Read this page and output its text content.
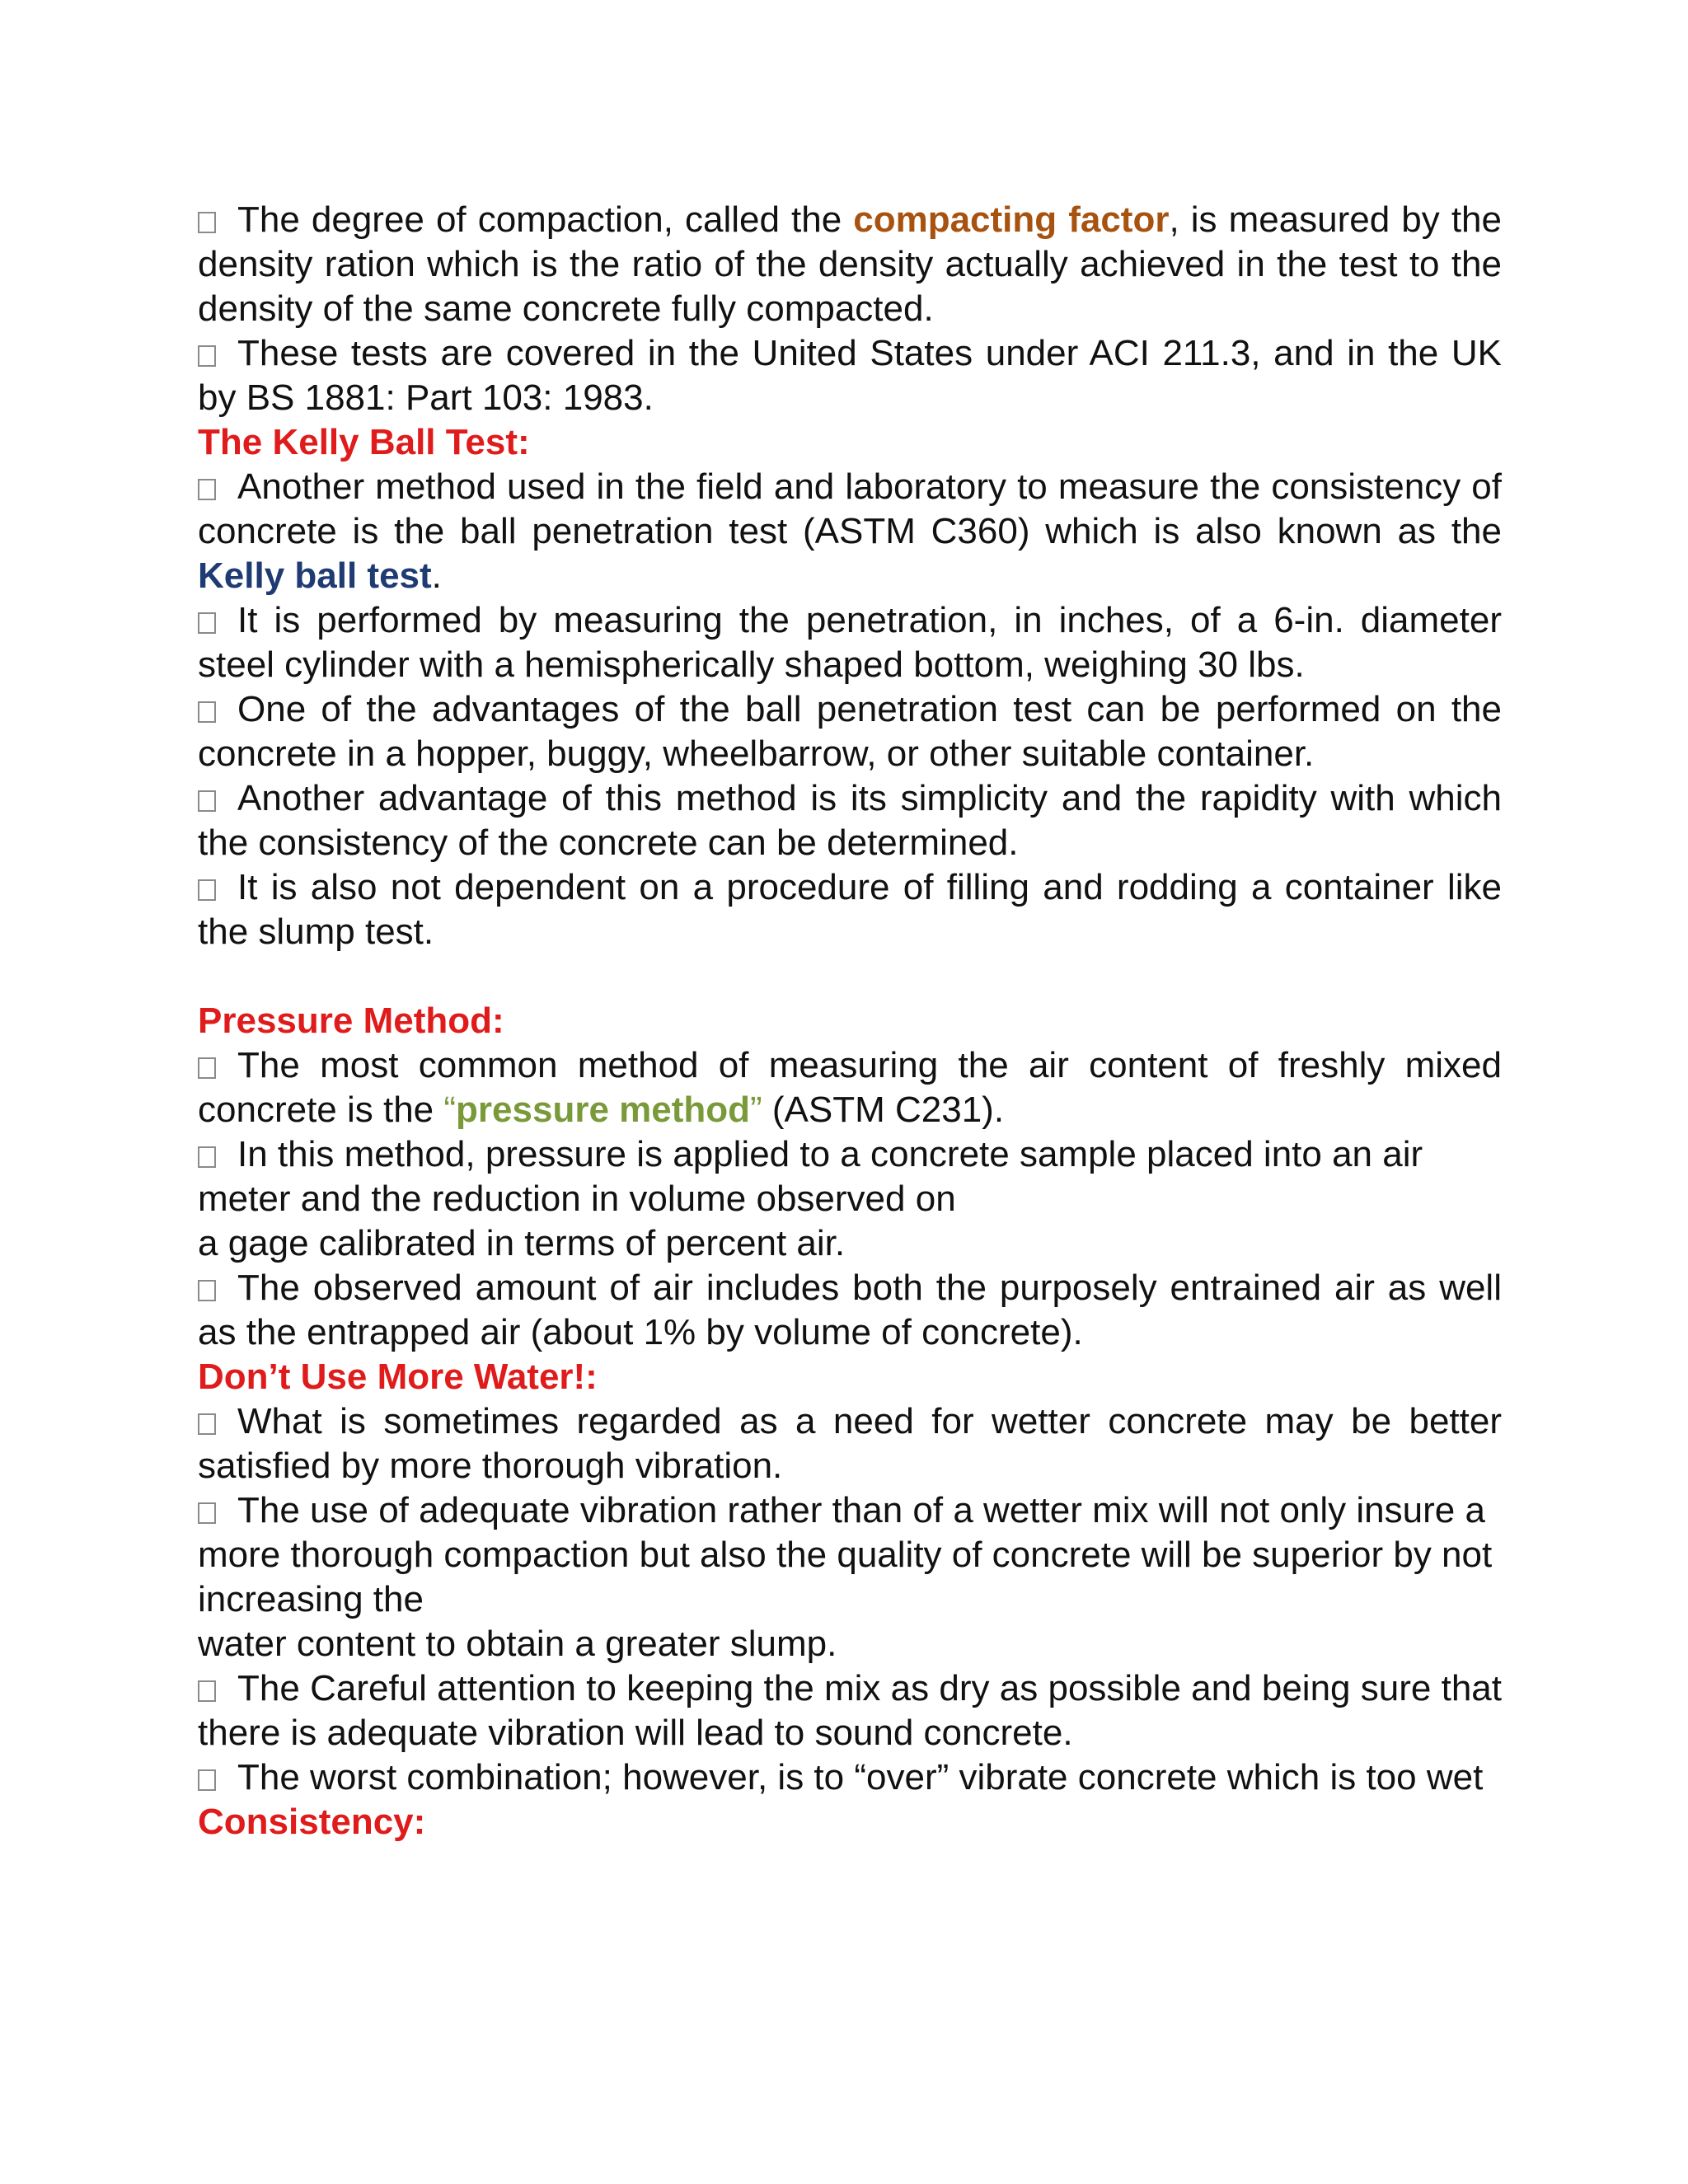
The degree of compaction, called the compacting factor, is measured by the density ration which is the ratio of the density actually achieved in the test to the density of the same concrete fully compacted.

These tests are covered in the United States under ACI 211.3, and in the UK by BS 1881: Part 103: 1983.

The Kelly Ball Test:

Another method used in the field and laboratory to measure the consistency of concrete is the ball penetration test (ASTM C360) which is also known as the Kelly ball test.

It is performed by measuring the penetration, in inches, of a 6-in. diameter steel cylinder with a hemispherically shaped bottom, weighing 30 lbs.

One of the advantages of the ball penetration test can be performed on the concrete in a hopper, buggy, wheelbarrow, or other suitable container.

Another advantage of this method is its simplicity and the rapidity with which the consistency of the concrete can be determined.

It is also not dependent on a procedure of filling and rodding a container like the slump test.

Pressure Method:

The most common method of measuring the air content of freshly mixed concrete is the “pressure method” (ASTM C231).

In this method, pressure is applied to a concrete sample placed into an air meter and the reduction in volume observed on

a gage calibrated in terms of percent air.

The observed amount of air includes both the purposely entrained air as well as the entrapped air (about 1% by volume of concrete).

Don’t Use More Water!:

What is sometimes regarded as a need for wetter concrete may be better satisfied by more thorough vibration.

The use of adequate vibration rather than of a wetter mix will not only insure a more thorough compaction but also the quality of concrete will be superior by not increasing the

water content to obtain a greater slump.

The Careful attention to keeping the mix as dry as possible and being sure that there is adequate vibration will lead to sound concrete.

The worst combination; however, is to “over” vibrate concrete which is too wet

Consistency:
